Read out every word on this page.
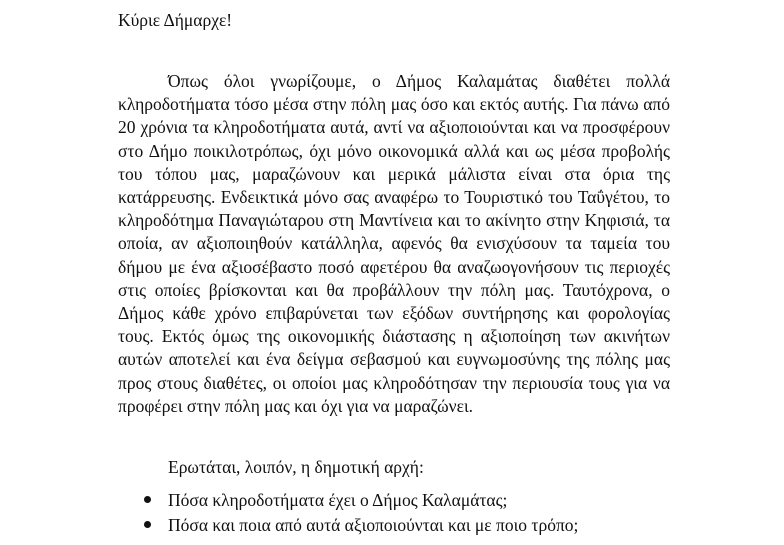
Κύριε Δήμαρχε!

Όπως όλοι γνωρίζουμε, ο Δήμος Καλαμάτας διαθέτει πολλά κληροδοτήματα τόσο μέσα στην πόλη μας όσο και εκτός αυτής. Για πάνω από 20 χρόνια τα κληροδοτήματα αυτά, αντί να αξιοποιούνται και να προσφέρουν στο Δήμο ποικιλοτρόπως, όχι μόνο οικονομικά αλλά και ως μέσα προβολής του τόπου μας, μαραζώνουν και μερικά μάλιστα είναι στα όρια της κατάρρευσης. Ενδεικτικά μόνο σας αναφέρω το Τουριστικό του Ταΰγέτου, το κληροδότημα Παναγιώταρου στη Μαντίνεια και το ακίνητο στην Κηφισιά, τα οποία, αν αξιοποιηθούν κατάλληλα, αφενός θα ενισχύσουν τα ταμεία του δήμου με ένα αξιοσέβαστο ποσό αφετέρου θα αναζωογονήσουν τις περιοχές στις οποίες βρίσκονται και θα προβάλλουν την πόλη μας. Ταυτόχρονα, ο Δήμος κάθε χρόνο επιβαρύνεται των εξόδων συντήρησης και φορολογίας τους. Εκτός όμως της οικονομικής διάστασης η αξιοποίηση των ακινήτων αυτών αποτελεί και ένα δείγμα σεβασμού και ευγνωμοσύνης της πόλης μας προς στους διαθέτες, οι οποίοι μας κληροδότησαν την περιουσία τους για να προφέρει στην πόλη μας και όχι για να μαραζώνει.

Ερωτάται, λοιπόν, η δημοτική αρχή:
Πόσα κληροδοτήματα έχει ο Δήμος Καλαμάτας;
Πόσα και ποια από αυτά αξιοποιούνται και με ποιο τρόπο;
